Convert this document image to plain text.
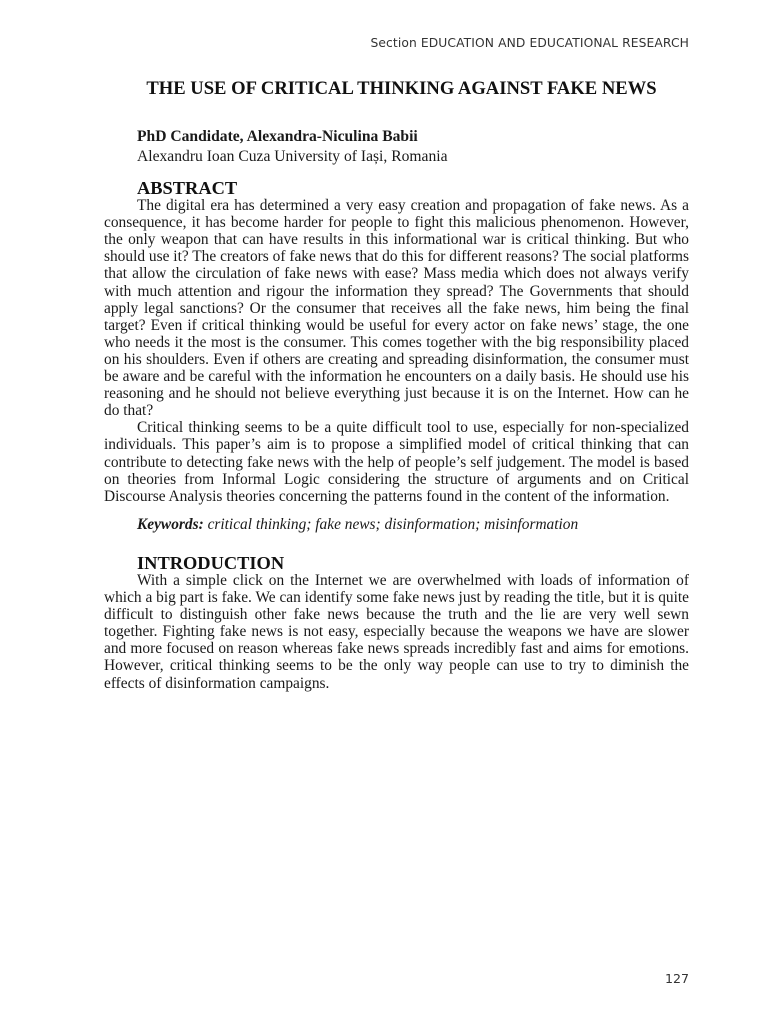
Section EDUCATION AND EDUCATIONAL RESEARCH
THE USE OF CRITICAL THINKING AGAINST FAKE NEWS
PhD Candidate, Alexandra-Niculina Babii
Alexandru Ioan Cuza University of Iași, Romania
ABSTRACT

The digital era has determined a very easy creation and propagation of fake news. As a consequence, it has become harder for people to fight this malicious phenomenon. However, the only weapon that can have results in this informational war is critical thinking. But who should use it? The creators of fake news that do this for different reasons? The social platforms that allow the circulation of fake news with ease? Mass media which does not always verify with much attention and rigour the information they spread? The Governments that should apply legal sanctions? Or the consumer that receives all the fake news, him being the final target? Even if critical thinking would be useful for every actor on fake news’ stage, the one who needs it the most is the consumer. This comes together with the big responsibility placed on his shoulders. Even if others are creating and spreading disinformation, the consumer must be aware and be careful with the information he encounters on a daily basis. He should use his reasoning and he should not believe everything just because it is on the Internet. How can he do that?

Critical thinking seems to be a quite difficult tool to use, especially for non-specialized individuals. This paper’s aim is to propose a simplified model of critical thinking that can contribute to detecting fake news with the help of people’s self judgement. The model is based on theories from Informal Logic considering the structure of arguments and on Critical Discourse Analysis theories concerning the patterns found in the content of the information.

Keywords: critical thinking; fake news; disinformation; misinformation
INTRODUCTION

With a simple click on the Internet we are overwhelmed with loads of information of which a big part is fake. We can identify some fake news just by reading the title, but it is quite difficult to distinguish other fake news because the truth and the lie are very well sewn together. Fighting fake news is not easy, especially because the weapons we have are slower and more focused on reason whereas fake news spreads incredibly fast and aims for emotions. However, critical thinking seems to be the only way people can use to try to diminish the effects of disinformation campaigns.

127
